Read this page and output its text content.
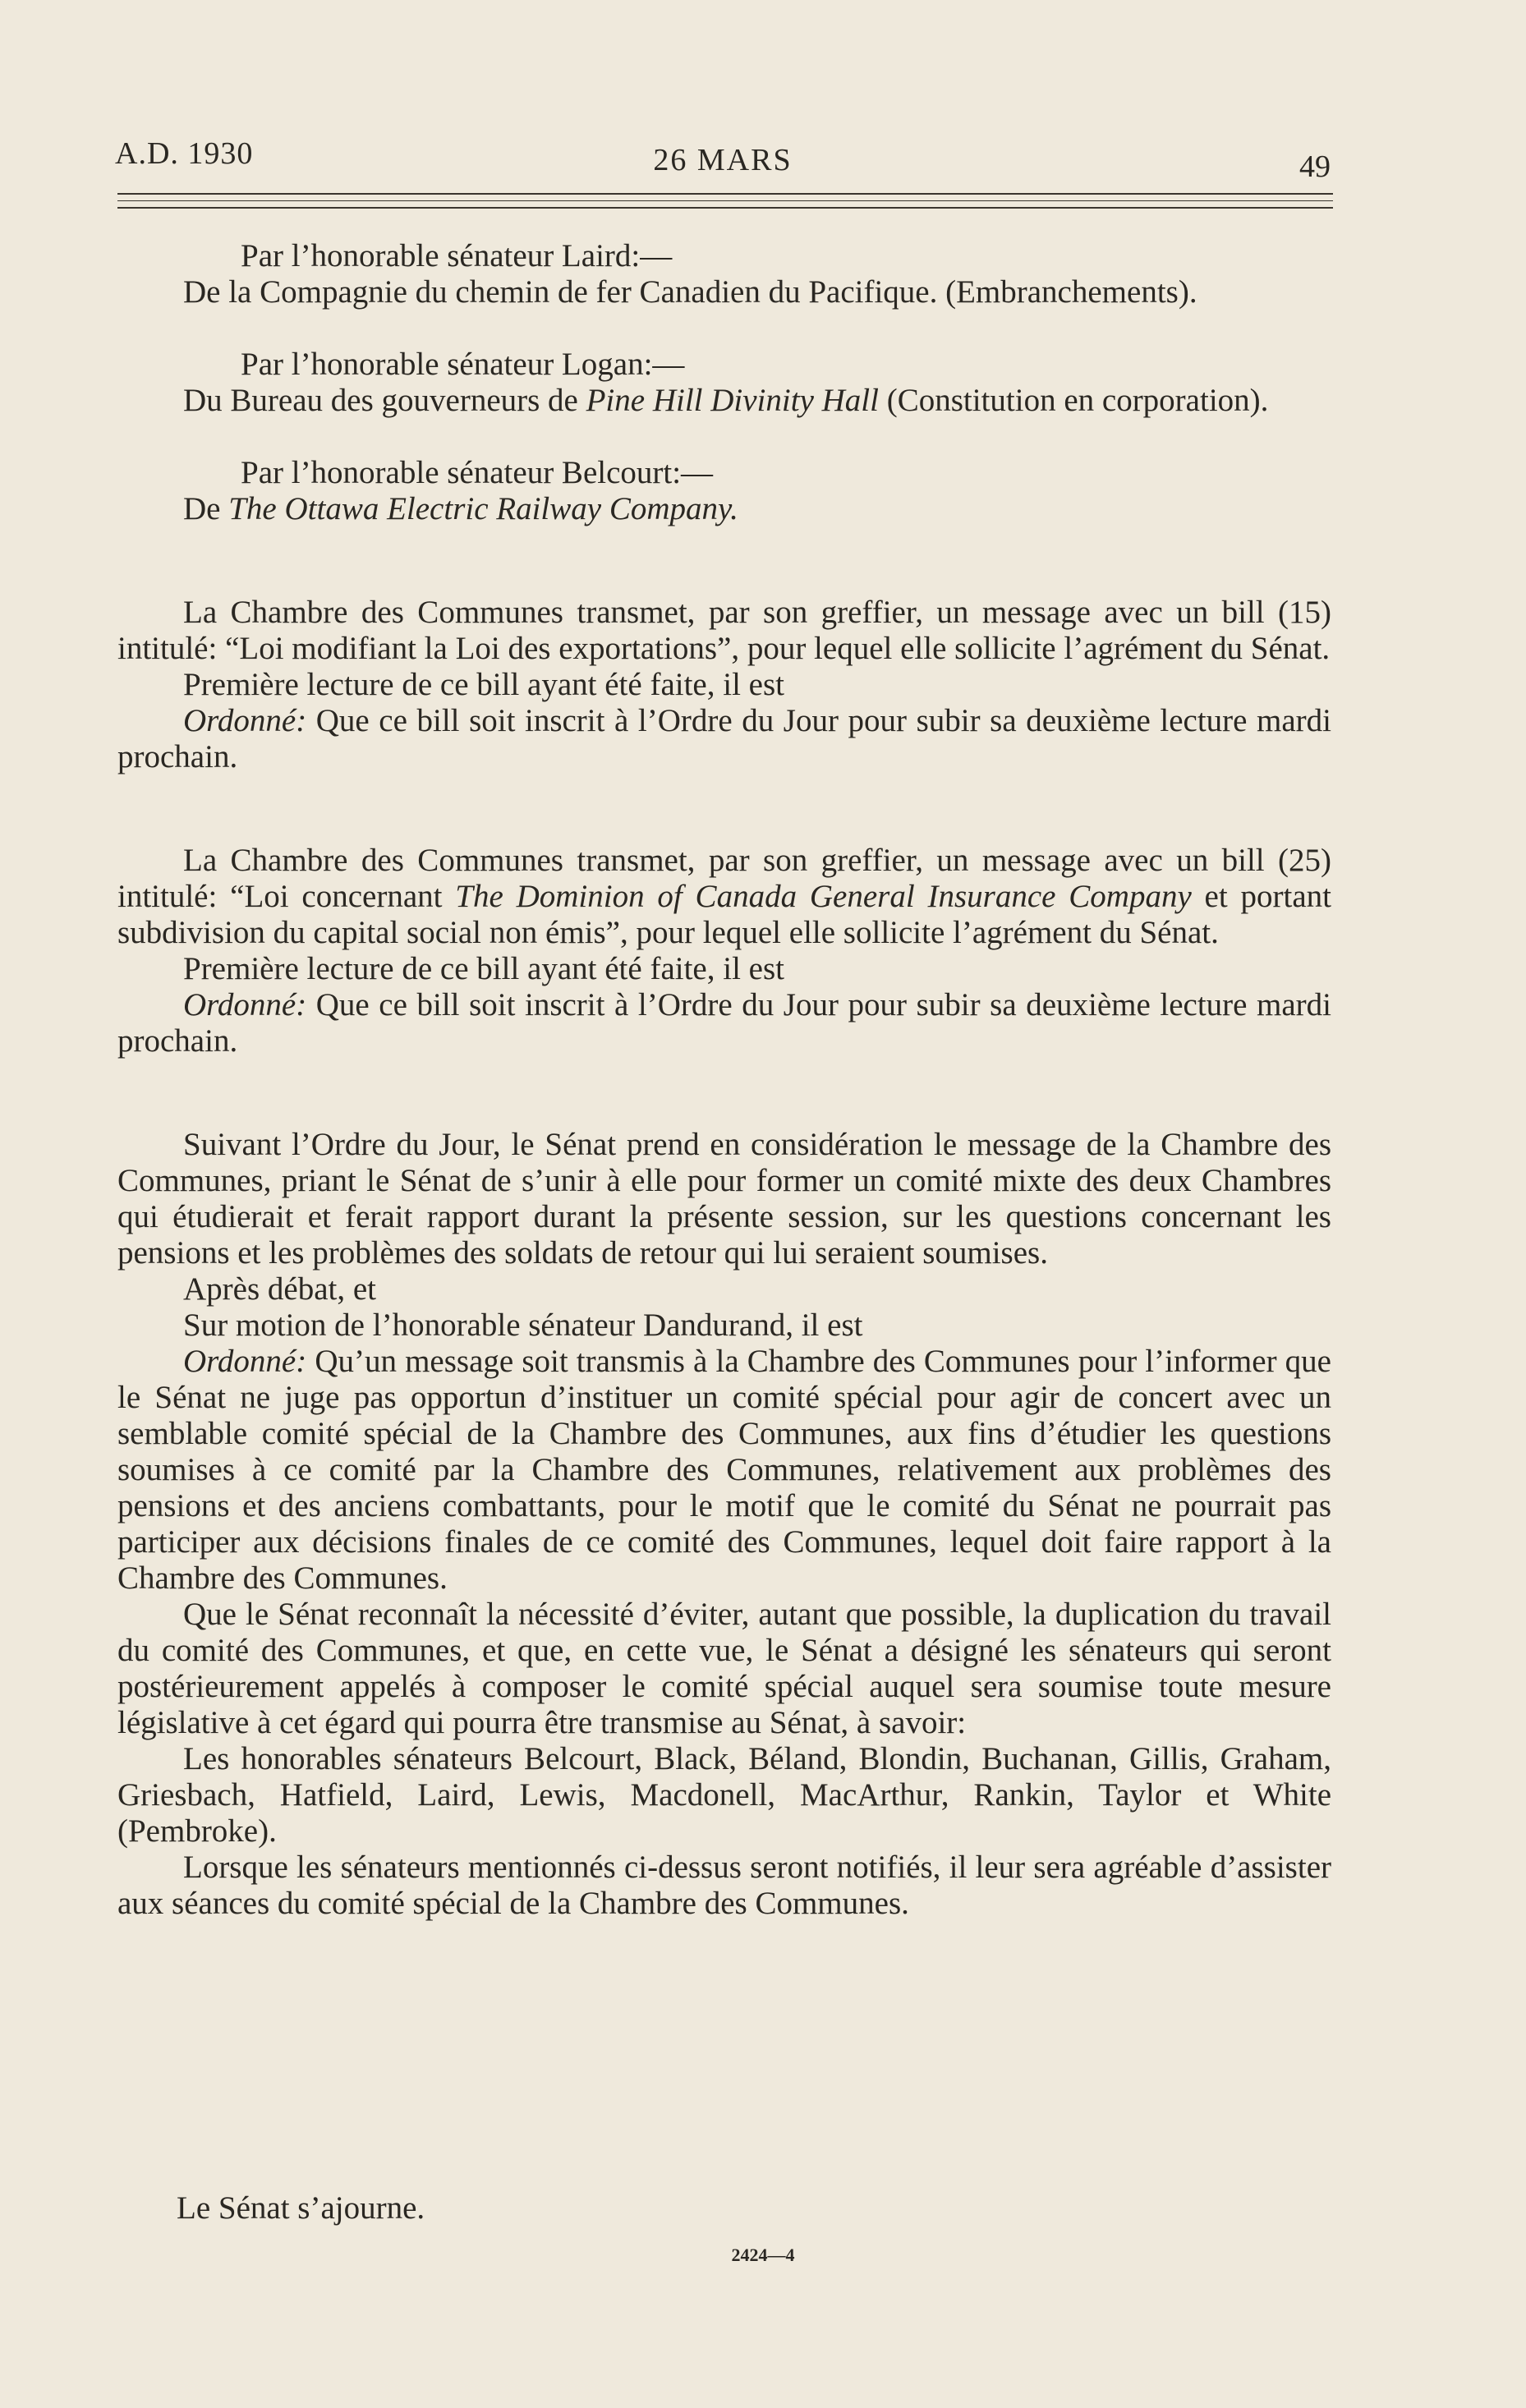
A.D. 1930	26 MARS	49

Par l’honorable sénateur Laird:—

De la Compagnie du chemin de fer Canadien du Pacifique. (Embranchements).

Par l’honorable sénateur Logan:—

Du Bureau des gouverneurs de Pine Hill Divinity Hall (Constitution en corporation).

Par l’honorable sénateur Belcourt:—

De The Ottawa Electric Railway Company.

La Chambre des Communes transmet, par son greffier, un message avec un bill (15) intitulé: “Loi modifiant la Loi des exportations”, pour lequel elle sollicite l’agrément du Sénat.

Première lecture de ce bill ayant été faite, il est

Ordonné: Que ce bill soit inscrit à l’Ordre du Jour pour subir sa deuxième lecture mardi prochain.

La Chambre des Communes transmet, par son greffier, un message avec un bill (25) intitulé: “Loi concernant The Dominion of Canada General Insurance Company et portant subdivision du capital social non émis”, pour lequel elle sollicite l’agrément du Sénat.

Première lecture de ce bill ayant été faite, il est

Ordonné: Que ce bill soit inscrit à l’Ordre du Jour pour subir sa deuxième lecture mardi prochain.

Suivant l’Ordre du Jour, le Sénat prend en considération le message de la Chambre des Communes, priant le Sénat de s’unir à elle pour former un comité mixte des deux Chambres qui étudierait et ferait rapport durant la présente session, sur les questions concernant les pensions et les problèmes des soldats de retour qui lui seraient soumises.

Après débat, et

Sur motion de l’honorable sénateur Dandurand, il est

Ordonné: Qu’un message soit transmis à la Chambre des Communes pour l’informer que le Sénat ne juge pas opportun d’instituer un comité spécial pour agir de concert avec un semblable comité spécial de la Chambre des Communes, aux fins d’étudier les questions soumises à ce comité par la Chambre des Communes, relativement aux problèmes des pensions et des anciens combattants, pour le motif que le comité du Sénat ne pourrait pas participer aux décisions finales de ce comité des Communes, lequel doit faire rapport à la Chambre des Communes.

Que le Sénat reconnaît la nécessité d’éviter, autant que possible, la duplication du travail du comité des Communes, et que, en cette vue, le Sénat a désigné les sénateurs qui seront postérieurement appelés à composer le comité spécial auquel sera soumise toute mesure législative à cet égard qui pourra être transmise au Sénat, à savoir:

Les honorables sénateurs Belcourt, Black, Béland, Blondin, Buchanan, Gillis, Graham, Griesbach, Hatfield, Laird, Lewis, Macdonell, MacArthur, Rankin, Taylor et White (Pembroke).

Lorsque les sénateurs mentionnés ci-dessus seront notifiés, il leur sera agréable d’assister aux séances du comité spécial de la Chambre des Communes.

Le Sénat s’ajourne.
2424—4
